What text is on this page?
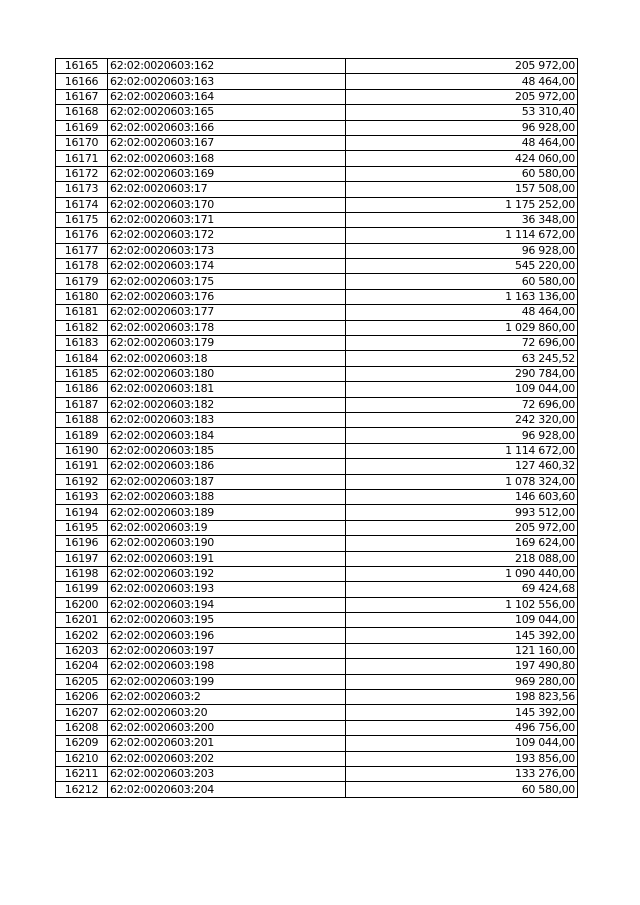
16165	62:02:0020603:162	205 972,00
16166	62:02:0020603:163	48 464,00
16167	62:02:0020603:164	205 972,00
16168	62:02:0020603:165	53 310,40
16169	62:02:0020603:166	96 928,00
16170	62:02:0020603:167	48 464,00
16171	62:02:0020603:168	424 060,00
16172	62:02:0020603:169	60 580,00
16173	62:02:0020603:17	157 508,00
16174	62:02:0020603:170	1 175 252,00
16175	62:02:0020603:171	36 348,00
16176	62:02:0020603:172	1 114 672,00
16177	62:02:0020603:173	96 928,00
16178	62:02:0020603:174	545 220,00
16179	62:02:0020603:175	60 580,00
16180	62:02:0020603:176	1 163 136,00
16181	62:02:0020603:177	48 464,00
16182	62:02:0020603:178	1 029 860,00
16183	62:02:0020603:179	72 696,00
16184	62:02:0020603:18	63 245,52
16185	62:02:0020603:180	290 784,00
16186	62:02:0020603:181	109 044,00
16187	62:02:0020603:182	72 696,00
16188	62:02:0020603:183	242 320,00
16189	62:02:0020603:184	96 928,00
16190	62:02:0020603:185	1 114 672,00
16191	62:02:0020603:186	127 460,32
16192	62:02:0020603:187	1 078 324,00
16193	62:02:0020603:188	146 603,60
16194	62:02:0020603:189	993 512,00
16195	62:02:0020603:19	205 972,00
16196	62:02:0020603:190	169 624,00
16197	62:02:0020603:191	218 088,00
16198	62:02:0020603:192	1 090 440,00
16199	62:02:0020603:193	69 424,68
16200	62:02:0020603:194	1 102 556,00
16201	62:02:0020603:195	109 044,00
16202	62:02:0020603:196	145 392,00
16203	62:02:0020603:197	121 160,00
16204	62:02:0020603:198	197 490,80
16205	62:02:0020603:199	969 280,00
16206	62:02:0020603:2	198 823,56
16207	62:02:0020603:20	145 392,00
16208	62:02:0020603:200	496 756,00
16209	62:02:0020603:201	109 044,00
16210	62:02:0020603:202	193 856,00
16211	62:02:0020603:203	133 276,00
16212	62:02:0020603:204	60 580,00
